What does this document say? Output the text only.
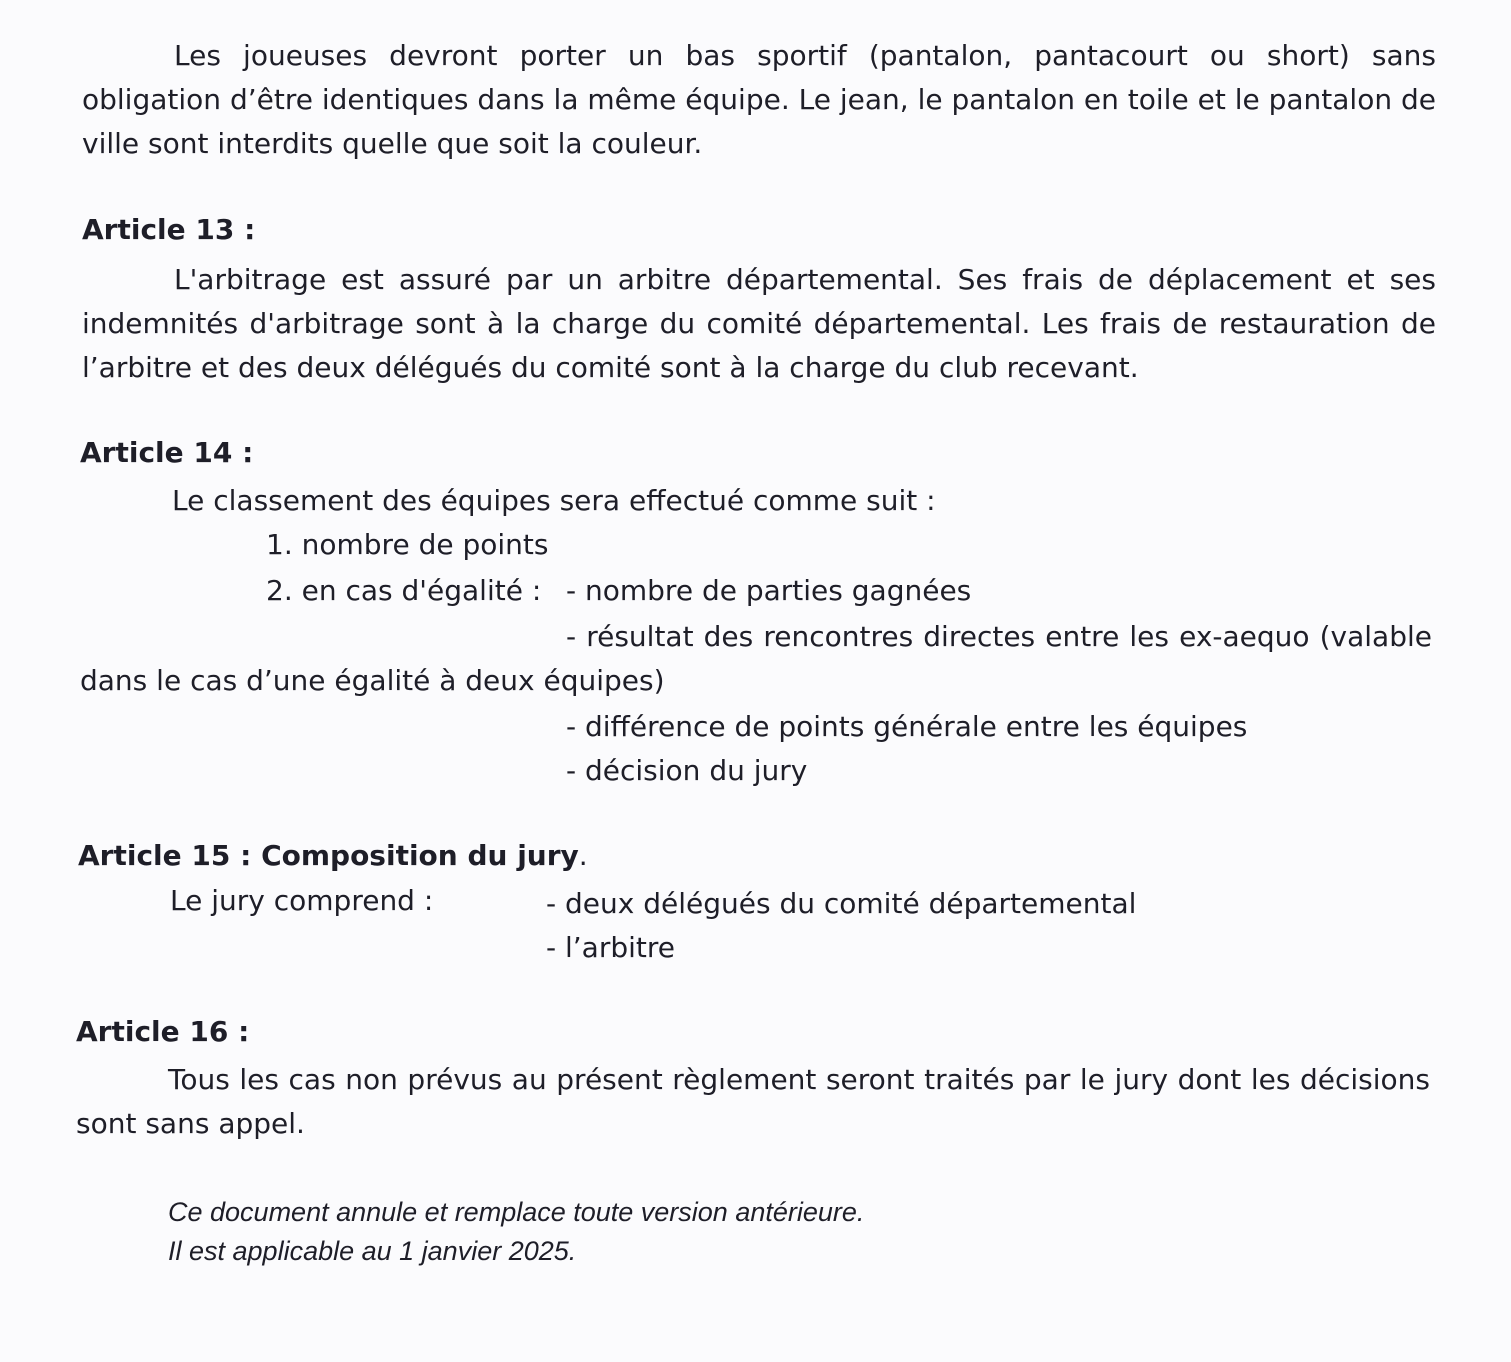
Les joueuses devront porter un bas sportif (pantalon, pantacourt ou short) sans obligation d’être identiques dans la même équipe. Le jean, le pantalon en toile et le pantalon de ville sont interdits quelle que soit la couleur.

Article 13 :

L'arbitrage est assuré par un arbitre départemental. Ses frais de déplacement et ses indemnités d'arbitrage sont à la charge du comité départemental. Les frais de restauration de l’arbitre et des deux délégués du comité sont à la charge du club recevant.

Article 14 :
Le classement des équipes sera effectué comme suit :
1. nombre de points
2. en cas d'égalité : - nombre de parties gagnées

- résultat des rencontres directes entre les ex-aequo (valable dans le cas d’une égalité à deux équipes)

- différence de points générale entre les équipes
- décision du jury
Article 15 : Composition du jury.
Le jury comprend :	- deux délégués du comité départemental
- l’arbitre
Article 16 :

Tous les cas non prévus au présent règlement seront traités par le jury dont les décisions sont sans appel.

Ce document annule et remplace toute version antérieure.
Il est applicable au 1 janvier 2025.
